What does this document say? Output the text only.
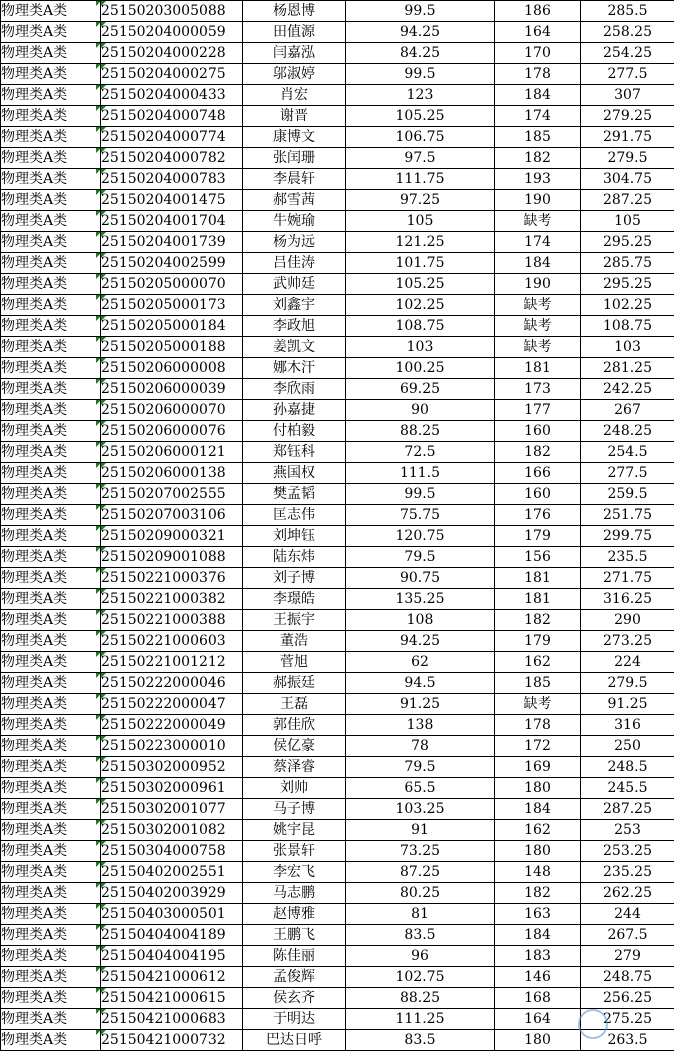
物理类A类	25150203005088	杨恩博	99.5	186	285.5
物理类A类	25150204000059	田值源	94.25	164	258.25
物理类A类	25150204000228	闫嘉泓	84.25	170	254.25
物理类A类	25150204000275	邬淑婷	99.5	178	277.5
物理类A类	25150204000433	肖宏	123	184	307
物理类A类	25150204000748	谢晋	105.25	174	279.25
物理类A类	25150204000774	康博文	106.75	185	291.75
物理类A类	25150204000782	张闰珊	97.5	182	279.5
物理类A类	25150204000783	李晨轩	111.75	193	304.75
物理类A类	25150204001475	郝雪茜	97.25	190	287.25
物理类A类	25150204001704	牛婉瑜	105	缺考	105
物理类A类	25150204001739	杨为远	121.25	174	295.25
物理类A类	25150204002599	吕佳涛	101.75	184	285.75
物理类A类	25150205000070	武帅廷	105.25	190	295.25
物理类A类	25150205000173	刘鑫宇	102.25	缺考	102.25
物理类A类	25150205000184	李政旭	108.75	缺考	108.75
物理类A类	25150205000188	姜凯文	103	缺考	103
物理类A类	25150206000008	娜木汗	100.25	181	281.25
物理类A类	25150206000039	李欣雨	69.25	173	242.25
物理类A类	25150206000070	孙嘉捷	90	177	267
物理类A类	25150206000076	付柏毅	88.25	160	248.25
物理类A类	25150206000121	郑钰科	72.5	182	254.5
物理类A类	25150206000138	燕国权	111.5	166	277.5
物理类A类	25150207002555	樊孟韬	99.5	160	259.5
物理类A类	25150207003106	匡志伟	75.75	176	251.75
物理类A类	25150209000321	刘坤钰	120.75	179	299.75
物理类A类	25150209001088	陆东炜	79.5	156	235.5
物理类A类	25150221000376	刘子博	90.75	181	271.75
物理类A类	25150221000382	李璟皓	135.25	181	316.25
物理类A类	25150221000388	王振宇	108	182	290
物理类A类	25150221000603	董浩	94.25	179	273.25
物理类A类	25150221001212	菅旭	62	162	224
物理类A类	25150222000046	郝振廷	94.5	185	279.5
物理类A类	25150222000047	王磊	91.25	缺考	91.25
物理类A类	25150222000049	郭佳欣	138	178	316
物理类A类	25150223000010	侯亿豪	78	172	250
物理类A类	25150302000952	蔡泽睿	79.5	169	248.5
物理类A类	25150302000961	刘帅	65.5	180	245.5
物理类A类	25150302001077	马子博	103.25	184	287.25
物理类A类	25150302001082	姚宇昆	91	162	253
物理类A类	25150304000758	张景轩	73.25	180	253.25
物理类A类	25150402002551	李宏飞	87.25	148	235.25
物理类A类	25150402003929	马志鹏	80.25	182	262.25
物理类A类	25150403000501	赵博雅	81	163	244
物理类A类	25150404004189	王鹏飞	83.5	184	267.5
物理类A类	25150404004195	陈佳丽	96	183	279
物理类A类	25150421000612	孟俊辉	102.75	146	248.75
物理类A类	25150421000615	侯玄齐	88.25	168	256.25
物理类A类	25150421000683	于明达	111.25	164	275.25
物理类A类	25150421000732	巴达日呼	83.5	180	263.5
